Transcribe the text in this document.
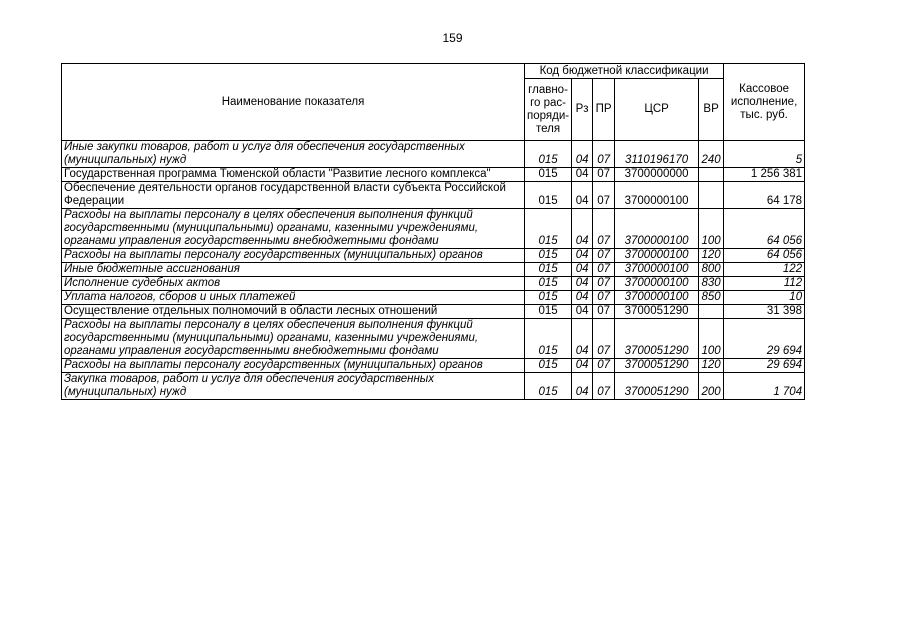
159
Наименование показателя	Код бюджетной классификации					Кассовое
исполнение,
тыс. руб.
	главно-
го рас-
поряди-
теля	Рз	ПР	ЦСР	ВР	
Иные закупки товаров, работ и услуг для обеспечения государственных (муниципальных) нужд	015	04	07	3110196170	240	5
Государственная программа Тюменской области "Развитие лесного комплекса"	015	04	07	3700000000		1 256 381
Обеспечение деятельности органов государственной власти субъекта Российской Федерации	015	04	07	3700000100		64 178
Расходы на выплаты персоналу в целях обеспечения выполнения функций государственными (муниципальными) органами, казенными учреждениями, органами управления государственными внебюджетными фондами	015	04	07	3700000100	100	64 056
Расходы на выплаты персоналу государственных (муниципальных) органов	015	04	07	3700000100	120	64 056
Иные бюджетные ассигнования	015	04	07	3700000100	800	122
Исполнение судебных актов	015	04	07	3700000100	830	112
Уплата налогов, сборов и иных платежей	015	04	07	3700000100	850	10
Осуществление отдельных полномочий в области лесных отношений	015	04	07	3700051290		31 398
Расходы на выплаты персоналу в целях обеспечения выполнения функций государственными (муниципальными) органами, казенными учреждениями, органами управления государственными внебюджетными фондами	015	04	07	3700051290	100	29 694
Расходы на выплаты персоналу государственных (муниципальных) органов	015	04	07	3700051290	120	29 694
Закупка товаров, работ и услуг для обеспечения государственных (муниципальных) нужд	015	04	07	3700051290	200	1 704
